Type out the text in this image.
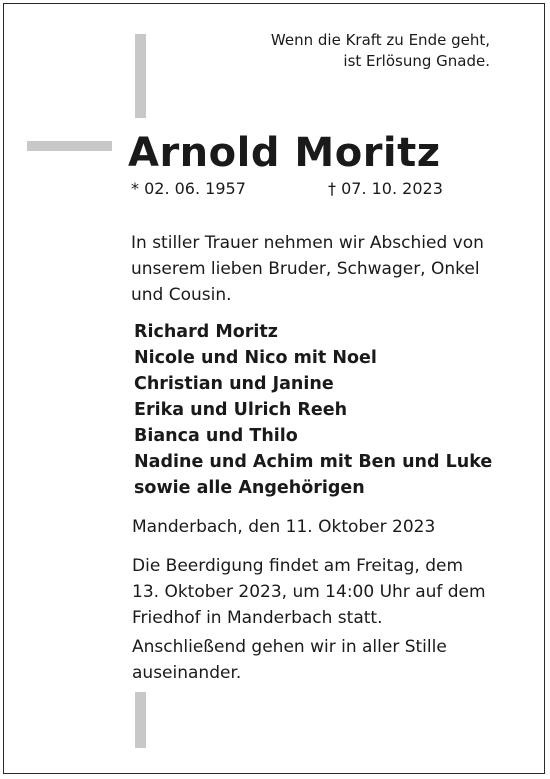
Wenn die Kraft zu Ende geht,
ist Erlösung Gnade.
Arnold Moritz
* 02. 06. 1957	† 07. 10. 2023
In stiller Trauer nehmen wir Abschied von
unserem lieben Bruder, Schwager, Onkel
und Cousin.
Richard Moritz
Nicole und Nico mit Noel
Christian und Janine
Erika und Ulrich Reeh
Bianca und Thilo
Nadine und Achim mit Ben und Luke
sowie alle Angehörigen
Manderbach, den 11. Oktober 2023
Die Beerdigung findet am Freitag, dem
13. Oktober 2023, um 14:00 Uhr auf dem
Friedhof in Manderbach statt.
Anschließend gehen wir in aller Stille
auseinander.
